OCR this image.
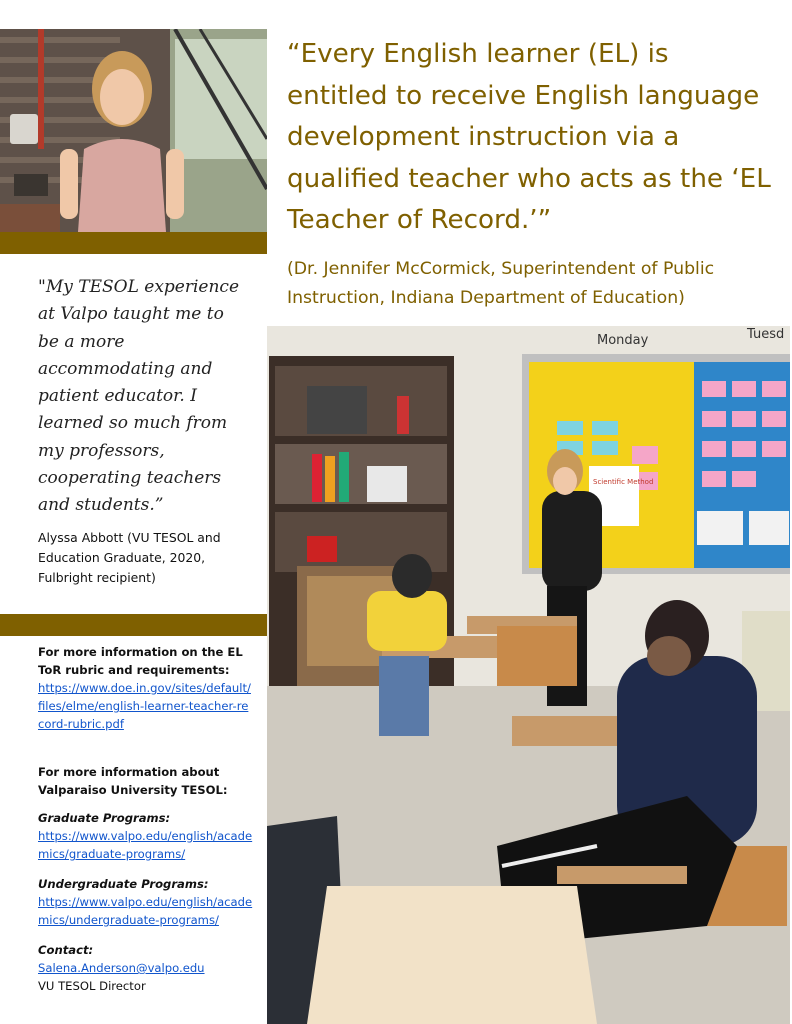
"My TESOL experience at Valpo taught me to be a more accommodating and patient educator. I learned so much from my professors, cooperating teachers and students.”

Alyssa Abbott (VU TESOL and Education Graduate, 2020, Fulbright recipient)

For more information on the EL ToR rubric and requirements:

https://www.doe.in.gov/sites/default/files/elme/english-learner-teacher-record-rubric.pdf

For more information about Valparaiso University TESOL:

Graduate Programs:

https://www.valpo.edu/english/academics/graduate-programs/

Undergraduate Programs:

https://www.valpo.edu/english/academics/undergraduate-programs/

Contact:

Salena.Anderson@valpo.edu

VU TESOL Director

“Every English learner (EL) is entitled to receive English language development instruction via a qualified teacher who acts as the ‘EL Teacher of Record.’”

(Dr. Jennifer McCormick, Superintendent of Public Instruction, Indiana Department of Education)

Monday	Tuesd
Scientific Method
